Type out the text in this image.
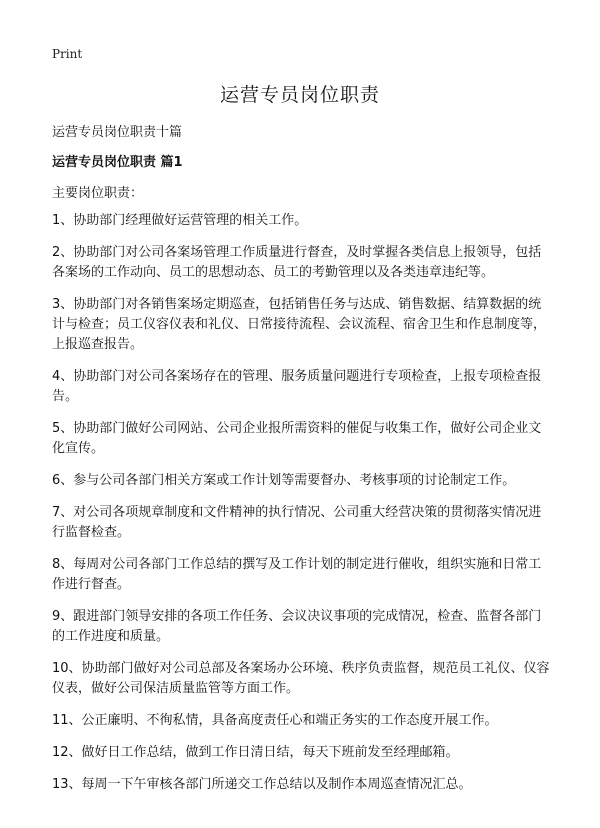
Print
运营专员岗位职责
运营专员岗位职责十篇
运营专员岗位职责 篇1
主要岗位职责：
1、协助部门经理做好运营管理的相关工作。
2、协助部门对公司各案场管理工作质量进行督查，及时掌握各类信息上报领导，包括各案场的工作动向、员工的思想动态、员工的考勤管理以及各类违章违纪等。
3、协助部门对各销售案场定期巡查，包括销售任务与达成、销售数据、结算数据的统计与检查；员工仪容仪表和礼仪、日常接待流程、会议流程、宿舍卫生和作息制度等，上报巡查报告。
4、协助部门对公司各案场存在的管理、服务质量问题进行专项检查，上报专项检查报告。
5、协助部门做好公司网站、公司企业报所需资料的催促与收集工作，做好公司企业文化宣传。
6、参与公司各部门相关方案或工作计划等需要督办、考核事项的讨论制定工作。
7、对公司各项规章制度和文件精神的执行情况、公司重大经营决策的贯彻落实情况进行监督检查。
8、每周对公司各部门工作总结的撰写及工作计划的制定进行催收，组织实施和日常工作进行督查。
9、跟进部门领导安排的各项工作任务、会议决议事项的完成情况，检查、监督各部门的工作进度和质量。
10、协助部门做好对公司总部及各案场办公环境、秩序负责监督，规范员工礼仪、仪容仪表，做好公司保洁质量监管等方面工作。
11、公正廉明、不徇私情，具备高度责任心和端正务实的工作态度开展工作。
12、做好日工作总结，做到工作日清日结，每天下班前发至经理邮箱。
13、每周一下午审核各部门所递交工作总结以及制作本周巡查情况汇总。
